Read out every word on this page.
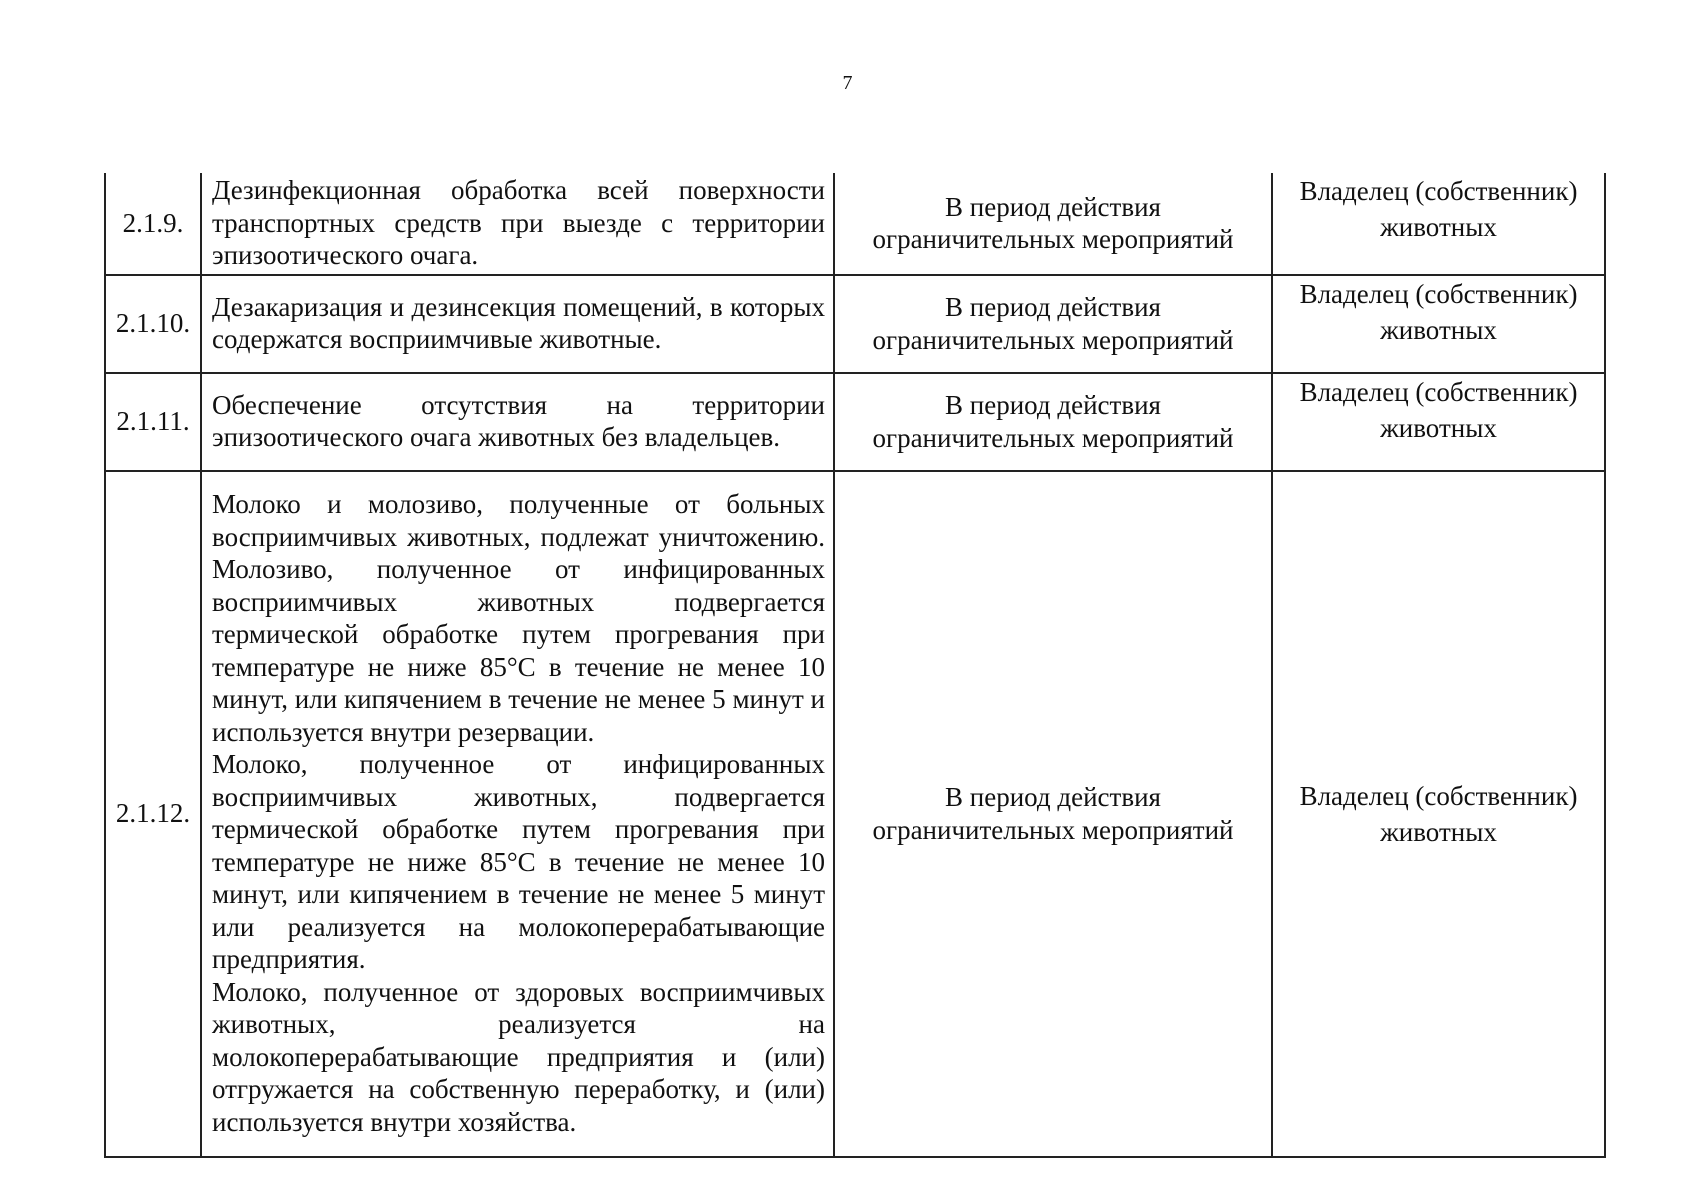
7
2.1.9.	Дезинфекционная обработка всей поверхности транспортных средств при выезде с территории эпизоотического очага.	В период действия ограничительных мероприятий	Владелец (собственник)
животных

2.1.10.	Дезакаризация и дезинсекция помещений, в которых содержатся восприимчивые животные.	В период действия ограничительных мероприятий	Владелец (собственник)
животных

2.1.11.	Обеспечение отсутствия на территории эпизоотического очага животных без владельцев.	В период действия ограничительных мероприятий	Владелец (собственник)
животных

2.1.12.	Молоко и молозиво, полученные от больных восприимчивых животных, подлежат уничтожению. Молозиво, полученное от инфицированных восприимчивых животных подвергается термической обработке путем прогревания при температуре не ниже 85°С в течение не менее 10 минут, или кипячением в течение не менее 5 минут и используется внутри резервации.
Молоко, полученное от инфицированных восприимчивых животных, подвергается термической обработке путем прогревания при температуре не ниже 85°С в течение не менее 10 минут, или кипячением в течение не менее 5 минут или реализуется на молокоперерабатывающие предприятия.
Молоко, полученное от здоровых восприимчивых животных, реализуется на молокоперерабатывающие предприятия и (или) отгружается на собственную переработку, и (или) используется внутри хозяйства.	В период действия ограничительных мероприятий	Владелец (собственник)
животных
